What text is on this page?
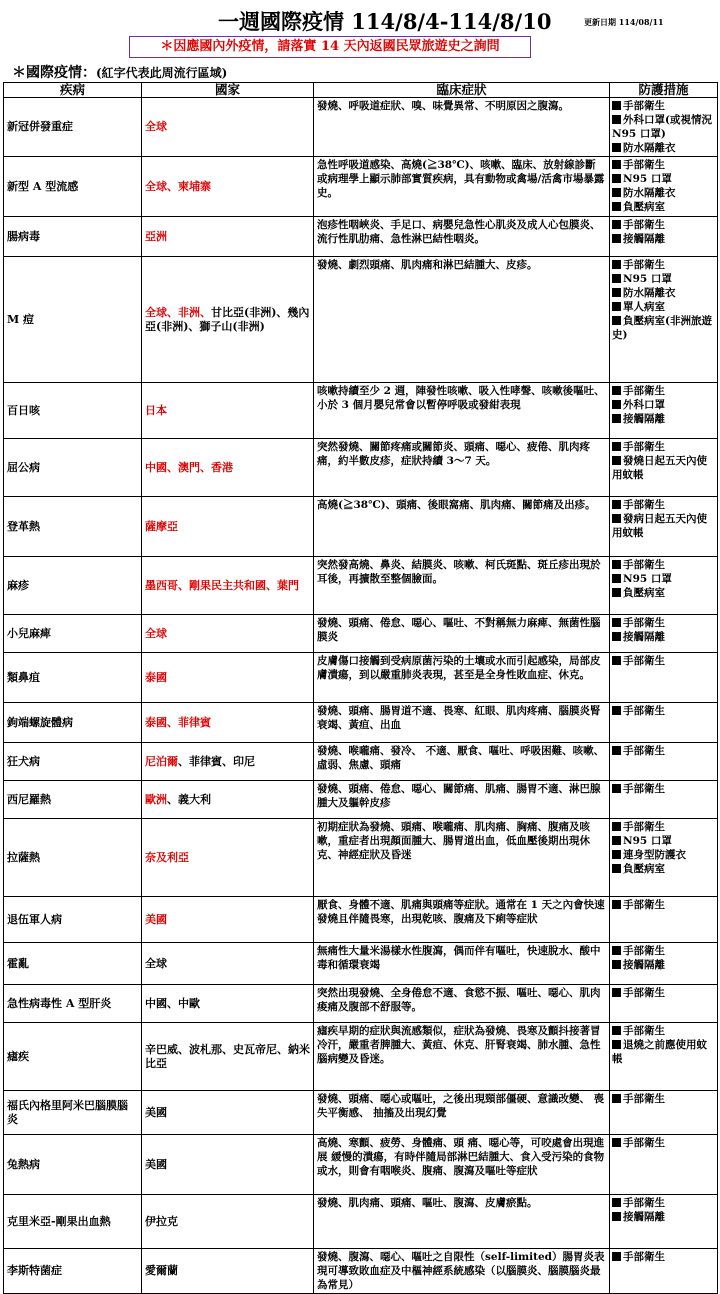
一週國際疫情 114/8/4-114/8/10	更新日期 114/08/11
＊因應國內外疫情，請落實 14 天內返國民眾旅遊史之詢問
＊國際疫情：(紅字代表此周流行區域)
疾病	國家	臨床症狀	防護措施
新冠併發重症	全球	發燒、呼吸道症狀、嗅、味覺異常、不明原因之腹瀉。	手部衛生
外科口罩(或視情況 N95 口罩)
防水隔離衣

新型 A 型流感	全球、柬埔寨	急性呼吸道感染、高燒(≧38℃)、咳嗽、臨床、放射線診斷或病理學上顯示肺部實質疾病，具有動物或禽場/活禽市場暴露史。	手部衛生
N95 口罩
防水隔離衣
負壓病室

腸病毒	亞洲	泡疹性咽峽炎、手足口、病嬰兒急性心肌炎及成人心包膜炎、流行性肌肋痛、急性淋巴結性咽炎。	手部衛生
接觸隔離

M 痘	全球、非洲、甘比亞(非洲)、幾內亞(非洲)、獅子山(非洲)	發燒、劇烈頭痛、肌肉痛和淋巴結腫大、皮疹。	手部衛生
N95 口罩
防水隔離衣
單人病室
負壓病室(非洲旅遊史)

百日咳	日本	咳嗽持續至少 2 週，陣發性咳嗽、吸入性哮聲、咳嗽後嘔吐、小於 3 個月嬰兒常會以暫停呼吸或發紺表現	手部衛生
外科口罩
接觸隔離

屈公病	中國、澳門、香港	突然發燒、關節疼痛或關節炎、頭痛、噁心、疲倦、肌肉疼痛，約半數皮疹，症狀持續 3～7 天。	手部衛生
發燒日起五天內使用蚊帳

登革熱	薩摩亞	高燒(≧38℃)、頭痛、後眼窩痛、肌肉痛、關節痛及出疹。	手部衛生
發病日起五天內使用蚊帳

麻疹	墨西哥、剛果民主共和國、葉門	突然發高燒、鼻炎、結膜炎、咳嗽、柯氏斑點、斑丘疹出現於耳後，再擴散至整個臉面。	手部衛生
N95 口罩
負壓病室

小兒麻痺	全球	發燒、頭痛、倦怠、噁心、嘔吐、不對稱無力麻痺、無菌性腦膜炎	手部衛生
接觸隔離

類鼻疽	泰國	皮膚傷口接觸到受病原菌污染的土壤或水而引起感染，局部皮膚潰瘍，到以嚴重肺炎表現，甚至是全身性敗血症、休克。	手部衛生

鉤端螺旋體病	泰國、菲律賓	發燒、頭痛、腸胃道不適、畏寒、紅眼、肌肉疼痛、腦膜炎腎衰竭、黃疸、出血	手部衛生

狂犬病	尼泊爾、菲律賓、印尼	發燒、喉嚨痛、發冷、 不適、厭食、嘔吐、呼吸困難、咳嗽、虛弱、焦慮、頭痛	手部衛生

西尼羅熱	歐洲、義大利	發燒、頭痛、倦怠、噁心、關節痛、肌痛、腸胃不適、淋巴腺腫大及軀幹皮疹	手部衛生

拉薩熱	奈及利亞	初期症狀為發燒、頭痛、喉嚨痛、肌肉痛、胸痛、腹痛及咳嗽，重症者出現顏面腫大、腸胃道出血，低血壓後期出現休克、神經症狀及昏迷	手部衛生
N95 口罩
連身型防護衣
負壓病室

退伍軍人病	美國	厭食、身體不適、肌痛與頭痛等症狀。通常在 1 天之內會快速發燒且伴隨畏寒，出現乾咳、腹痛及下痢等症狀	手部衛生

霍亂	全球	無痛性大量米湯樣水性腹瀉，偶而伴有嘔吐，快速脫水、酸中毒和循環衰竭	手部衛生
接觸隔離

急性病毒性 A 型肝炎	中國、中歐	突然出現發燒、全身倦怠不適、食慾不振、嘔吐、噁心、肌肉痠痛及腹部不舒服等。	手部衛生

瘧疾	辛巴威、波札那、史瓦帝尼、納米比亞	瘧疾早期的症狀與流感類似，症狀為發燒、畏寒及顫抖接著冒冷汗，嚴重者脾腫大、黃疸、休克、肝腎衰竭、肺水腫、急性腦病變及昏迷。	手部衛生
退燒之前應使用蚊帳

福氏內格里阿米巴腦膜腦炎	美國	發燒、頭痛、噁心或嘔吐，之後出現頸部僵硬、意識改變、 喪失平衡感、 抽搐及出現幻覺	手部衛生

兔熱病	美國	高燒、寒顫、疲勞、身體痛、頭 痛、噁心等，可咬處會出現進展 緩慢的潰瘍，有時伴隨局部淋巴結腫大、食入受污染的食物或水，則會有咽喉炎、腹痛、腹瀉及嘔吐等症狀	手部衛生

克里米亞-剛果出血熱	伊拉克	發燒、肌肉痛、頭痛、嘔吐、腹瀉、皮膚瘀點。	手部衛生
接觸隔離

李斯特菌症	愛爾蘭	發燒、腹瀉、噁心、嘔吐之自限性（self-limited）腸胃炎表現可導致敗血症及中樞神經系統感染（以腦膜炎、腦膜腦炎最為常見）	手部衛生
